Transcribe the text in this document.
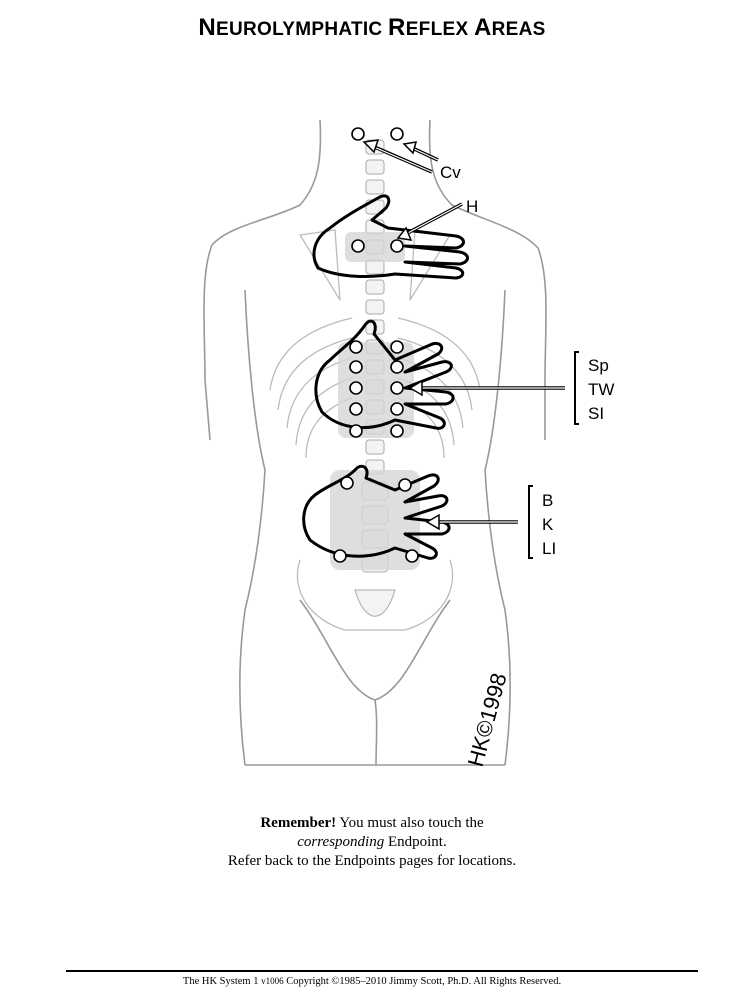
NEUROLYMPHATIC REFLEX AREAS
Cv
H
Sp
TW
SI
B
K
LI
HK©1998
Remember! You must also touch the
corresponding Endpoint.
Refer back to the Endpoints pages for locations.
The HK System 1 v1006 Copyright ©1985–2010 Jimmy Scott, Ph.D. All Rights Reserved.
